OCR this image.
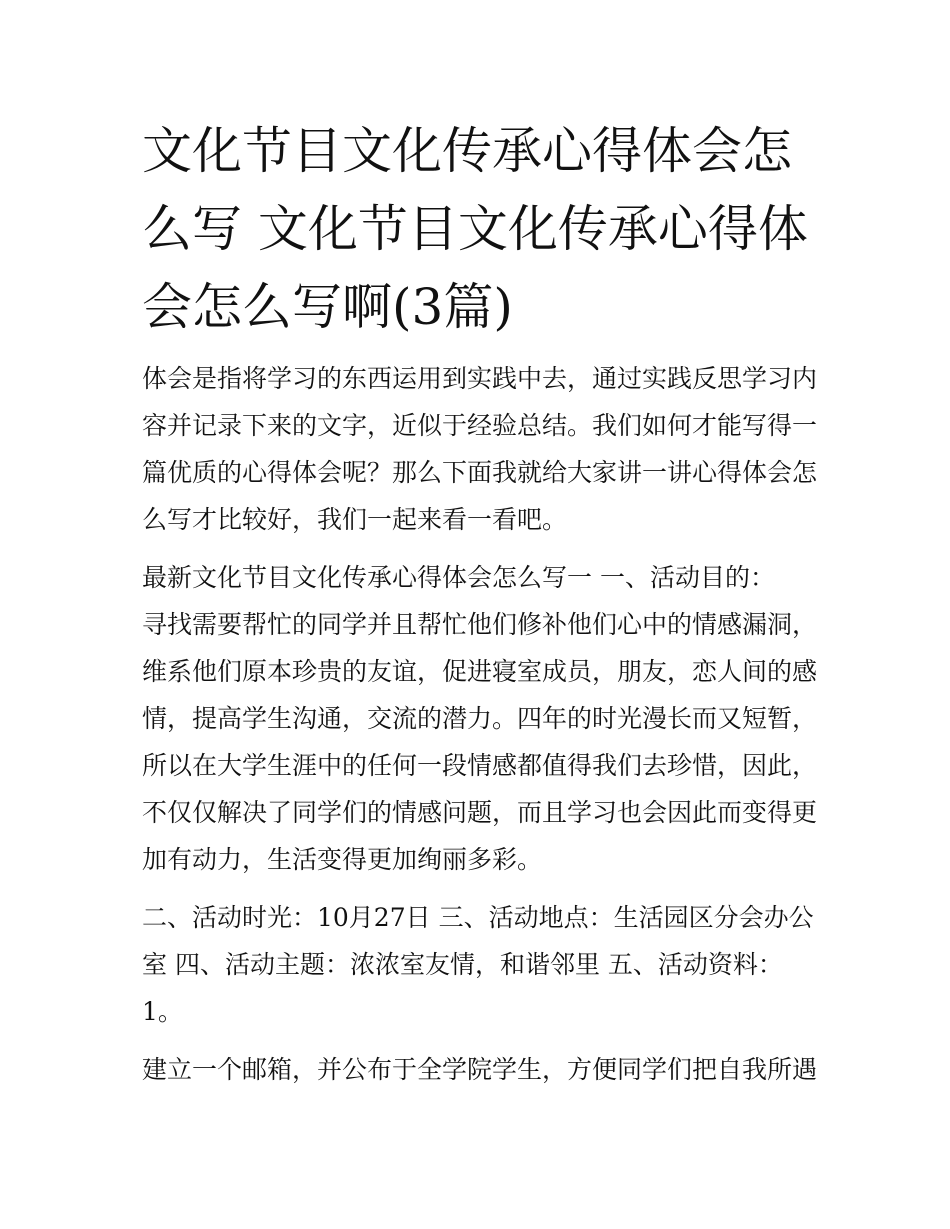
文化节目文化传承心得体会怎么写 文化节目文化传承心得体会怎么写啊(3篇)

体会是指将学习的东西运用到实践中去，通过实践反思学习内容并记录下来的文字，近似于经验总结。我们如何才能写得一篇优质的心得体会呢？那么下面我就给大家讲一讲心得体会怎么写才比较好，我们一起来看一看吧。

最新文化节目文化传承心得体会怎么写一 一、活动目的：

寻找需要帮忙的同学并且帮忙他们修补他们心中的情感漏洞，维系他们原本珍贵的友谊，促进寝室成员，朋友，恋人间的感情，提高学生沟通，交流的潜力。四年的时光漫长而又短暂，所以在大学生涯中的任何一段情感都值得我们去珍惜，因此，不仅仅解决了同学们的情感问题，而且学习也会因此而变得更加有动力，生活变得更加绚丽多彩。

二、活动时光：10月27日 三、活动地点：生活园区分会办公室 四、活动主题：浓浓室友情，和谐邻里 五、活动资料：

1。

建立一个邮箱，并公布于全学院学生，方便同学们把自我所遇
